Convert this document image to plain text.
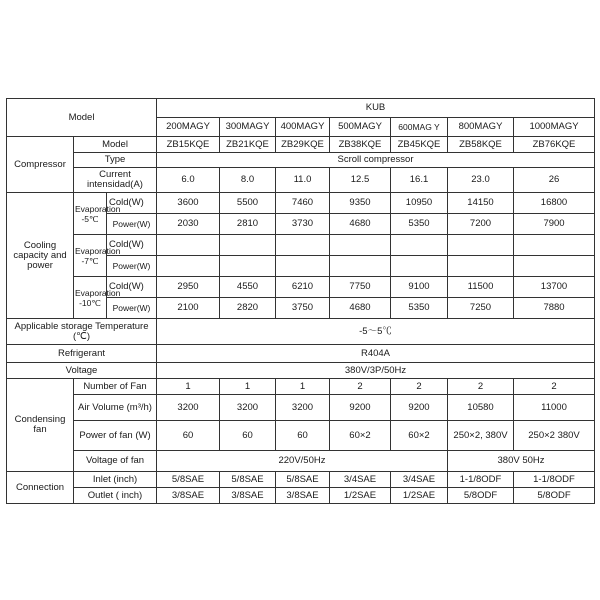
Model			KUB						
			200MAGY	300MAGY	400MAGY	500MAGY	600MAG Y	800MAGY	1000MAGY
Compressor	Model		ZB15KQE	ZB21KQE	ZB29KQE	ZB38KQE	ZB45KQE	ZB58KQE	ZB76KQE
	Type		Scroll compressor						
	Current intensidad(A)		6.0	8.0	11.0	12.5	16.1	23.0	26
Cooling capacity and power	Evaporation -5℃	Cold(W)	3600	5500	7460	9350	10950	14150	16800
		Power(W)	2030	2810	3730	4680	5350	7200	7900
	Evaporation -7℃	Cold(W)							
		Power(W)							
	Evaporation -10℃	Cold(W)	2950	4550	6210	7750	9100	11500	13700
		Power(W)	2100	2820	3750	4680	5350	7250	7880
Applicable storage Temperature (℃)			-5～5℃						
Refrigerant			R404A						
Voltage			380V/3P/50Hz						
Condensing fan	Number of Fan		1	1	1	2	2	2	2
	Air Volume (m³/h)		3200	3200	3200	9200	9200	10580	11000
	Power of fan (W)		60	60	60	60×2	60×2	250×2, 380V	250×2 380V
	Voltage of fan		220V/50Hz					380V 50Hz	
Connection	Inlet (inch)		5/8SAE	5/8SAE	5/8SAE	3/4SAE	3/4SAE	1-1/8ODF	1-1/8ODF
	Outlet ( inch)		3/8SAE	3/8SAE	3/8SAE	1/2SAE	1/2SAE	5/8ODF	5/8ODF
